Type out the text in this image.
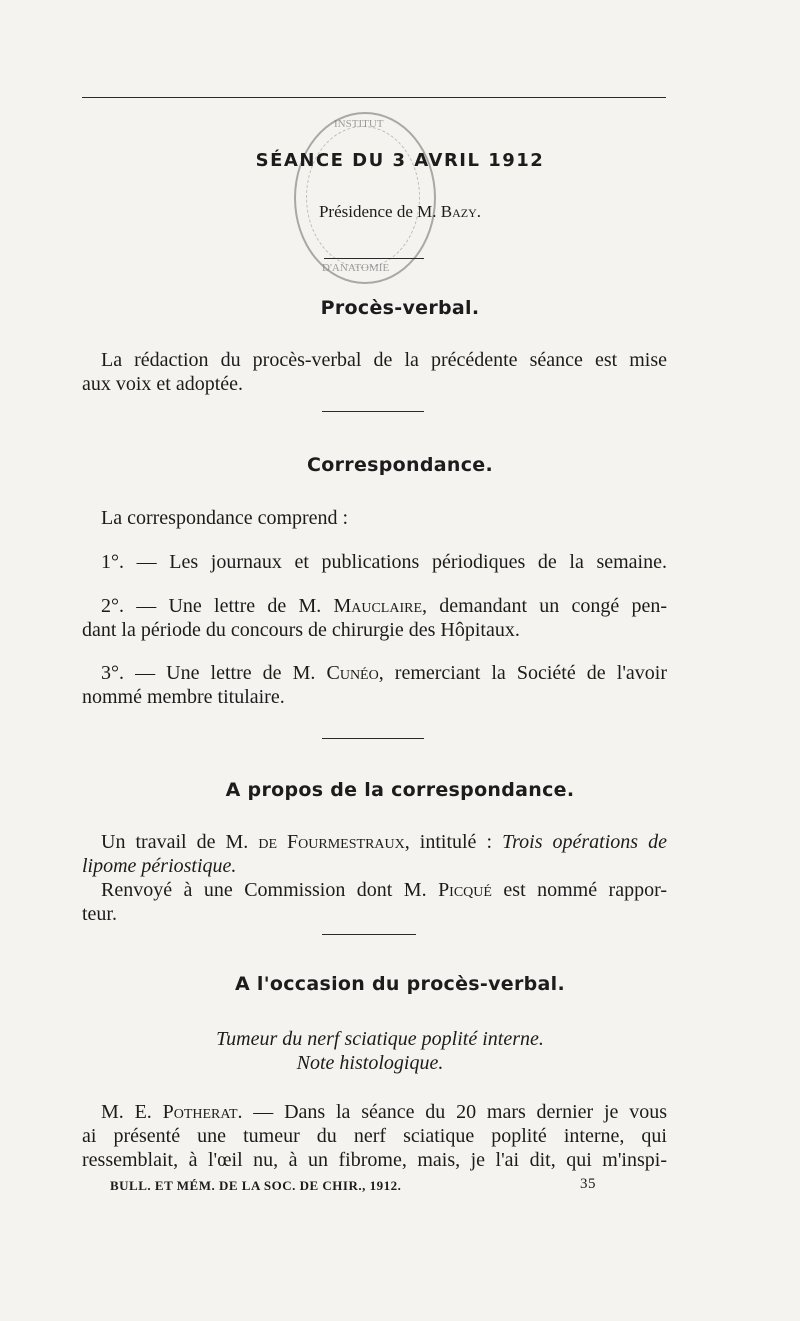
INSTITUT
D'ANATOMIE
SÉANCE DU 3 AVRIL 1912
Présidence de M. Bazy.
Procès-verbal.
La rédaction du procès-verbal de la précédente séance est mise
aux voix et adoptée.
Correspondance.
La correspondance comprend :
1°. — Les journaux et publications périodiques de la semaine.
2°. — Une lettre de M. Mauclaire, demandant un congé pen-
dant la période du concours de chirurgie des Hôpitaux.
3°. — Une lettre de M. Cunéo, remerciant la Société de l'avoir
nommé membre titulaire.
A propos de la correspondance.
Un travail de M. de Fourmestraux, intitulé : Trois opérations de
lipome périostique.
Renvoyé à une Commission dont M. Picqué est nommé rappor-
teur.
A l'occasion du procès-verbal.
Tumeur du nerf sciatique poplité interne.
Note histologique.
M. E. Potherat. — Dans la séance du 20 mars dernier je vous
ai présenté une tumeur du nerf sciatique poplité interne, qui
ressemblait, à l'œil nu, à un fibrome, mais, je l'ai dit, qui m'inspi-
BULL. ET MÉM. DE LA SOC. DE CHIR., 1912.	35
